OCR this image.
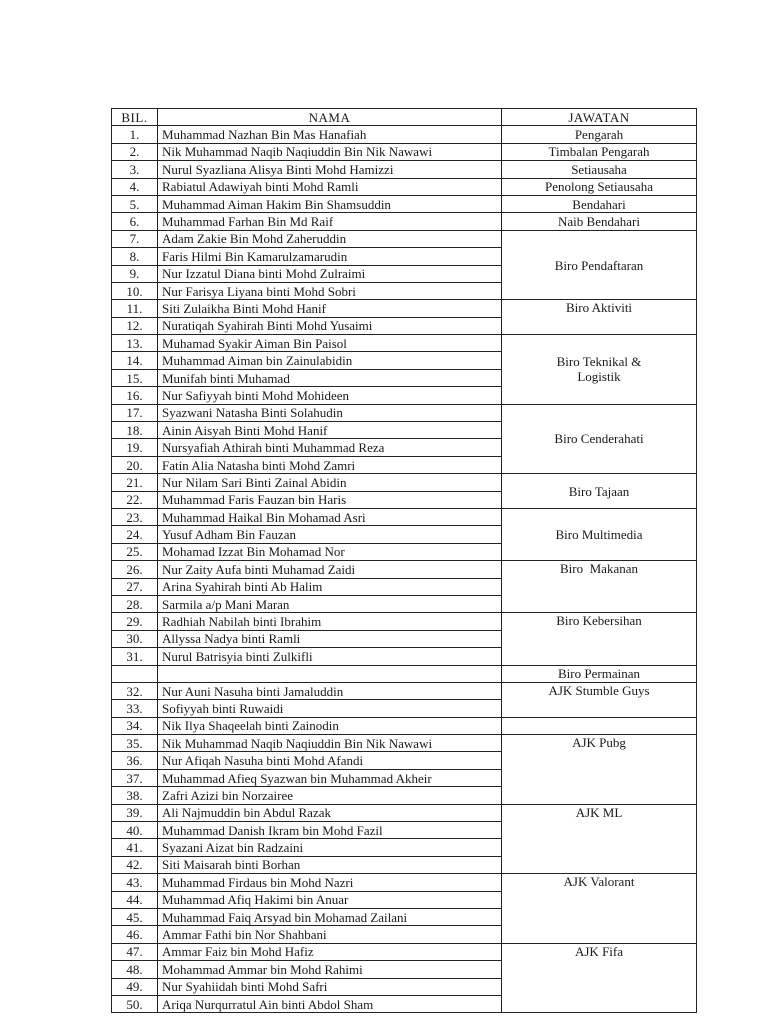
BIL.	NAMA	JAWATAN
1.	Muhammad Nazhan Bin Mas Hanafiah	Pengarah
2.	Nik Muhammad Naqib Naqiuddin Bin Nik Nawawi	Timbalan Pengarah
3.	Nurul Syazliana Alisya Binti Mohd Hamizzi	Setiausaha
4.	Rabiatul Adawiyah binti Mohd Ramli	Penolong Setiausaha
5.	Muhammad Aiman Hakim Bin Shamsuddin	Bendahari
6.	Muhammad Farhan Bin Md Raif	Naib Bendahari
7.	Adam Zakie Bin Mohd Zaheruddin	Biro Pendaftaran
8.	Faris Hilmi Bin Kamarulzamarudin	
9.	Nur Izzatul Diana binti Mohd Zulraimi	
10.	Nur Farisya Liyana binti Mohd Sobri	
11.	Siti Zulaikha Binti Mohd Hanif	Biro Aktiviti
12.	Nuratiqah Syahirah Binti Mohd Yusaimi	
13.	Muhamad Syakir Aiman Bin Paisol	Biro Teknikal & Logistik
14.	Muhammad Aiman bin Zainulabidin	
15.	Munifah binti Muhamad	
16.	Nur Safiyyah binti Mohd Mohideen	
17.	Syazwani Natasha Binti Solahudin	Biro Cenderahati
18.	Ainin Aisyah Binti Mohd Hanif	
19.	Nursyafiah Athirah binti Muhammad Reza	
20.	Fatin Alia Natasha binti Mohd Zamri	
21.	Nur Nilam Sari Binti Zainal Abidin	Biro Tajaan
22.	Muhammad Faris Fauzan bin Haris	
23.	Muhammad Haikal Bin Mohamad Asri	Biro Multimedia
24.	Yusuf Adham Bin Fauzan	
25.	Mohamad Izzat Bin Mohamad Nor	
26.	Nur Zaity Aufa binti Muhamad Zaidi	Biro  Makanan
27.	Arina Syahirah binti Ab Halim	
28.	Sarmila a/p Mani Maran	
29.	Radhiah Nabilah binti Ibrahim	Biro Kebersihan
30.	Allyssa Nadya binti Ramli	
31.	Nurul Batrisyia binti Zulkifli	
		Biro Permainan
32.	Nur Auni Nasuha binti Jamaluddin	AJK Stumble Guys
33.	Sofiyyah binti Ruwaidi	
34.	Nik Ilya Shaqeelah binti Zainodin	
35.	Nik Muhammad Naqib Naqiuddin Bin Nik Nawawi	AJK Pubg
36.	Nur Afiqah Nasuha binti Mohd Afandi	
37.	Muhammad Afieq Syazwan bin Muhammad Akheir	
38.	Zafri Azizi bin Norzairee	
39.	Ali Najmuddin bin Abdul Razak	AJK ML
40.	Muhammad Danish Ikram bin Mohd Fazil	
41.	Syazani Aizat bin Radzaini	
42.	Siti Maisarah binti Borhan	
43.	Muhammad Firdaus bin Mohd Nazri	AJK Valorant
44.	Muhammad Afiq Hakimi bin Anuar	
45.	Muhammad Faiq Arsyad bin Mohamad Zailani	
46.	Ammar Fathi bin Nor Shahbani	
47.	Ammar Faiz bin Mohd Hafiz	AJK Fifa
48.	Mohammad Ammar bin Mohd Rahimi	
49.	Nur Syahiidah binti Mohd Safri	
50.	Ariqa Nurqurratul Ain binti Abdol Sham	
